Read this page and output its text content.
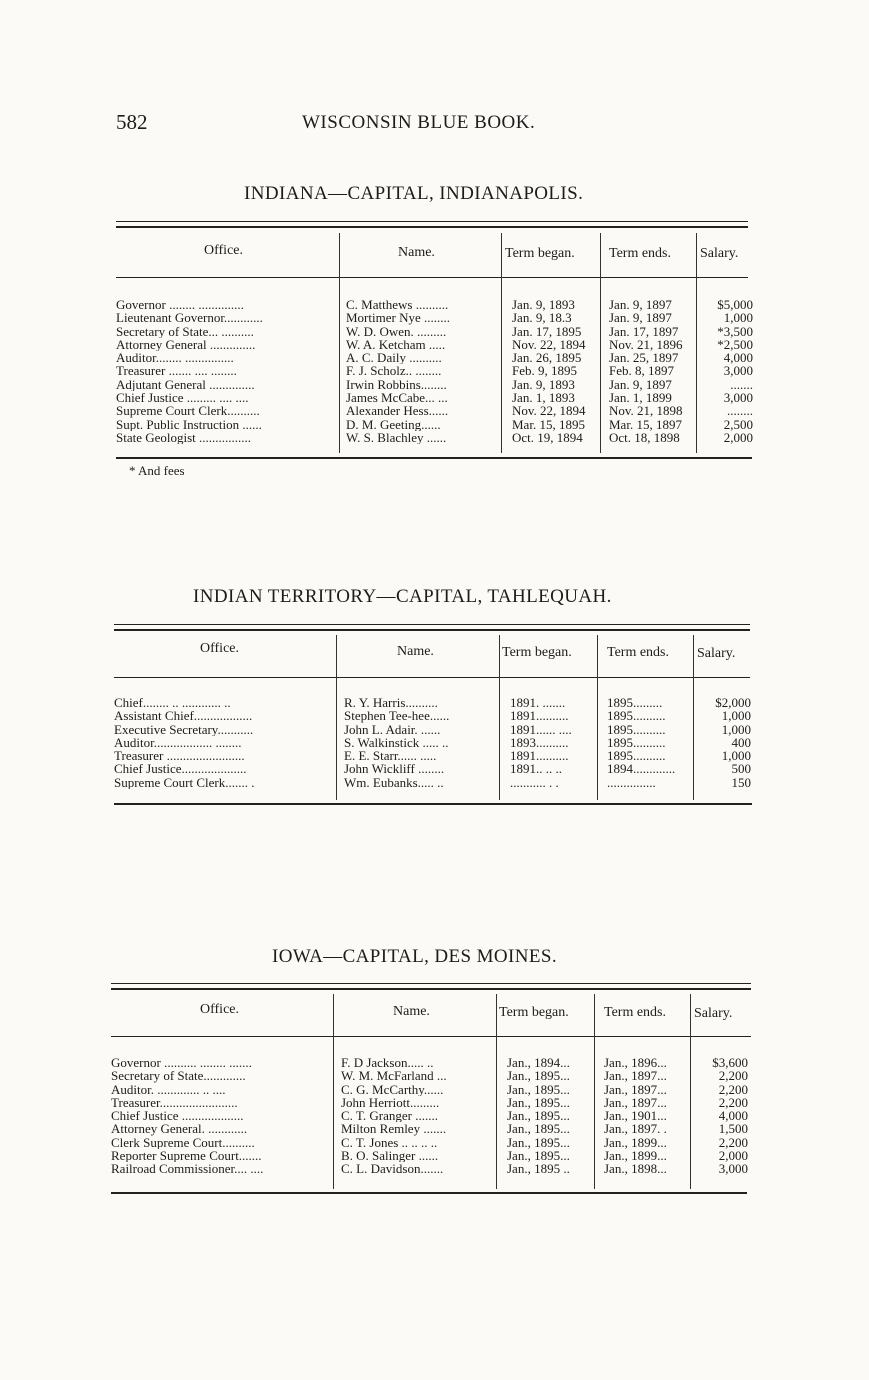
582	WISCONSIN BLUE BOOK.
INDIANA—CAPITAL, INDIANAPOLIS.
Office.	Name.	Term began. Term ends. Salary.
Governor ........ ..............	C. Matthews ..........	Jan. 9, 1893	Jan. 9, 1897	$5,000
Lieutenant Governor............	Mortimer Nye ........	Jan. 9, 18.3	Jan. 9, 1897	1,000
Secretary of State... ..........	W. D. Owen. .........	Jan. 17, 1895	Jan. 17, 1897	*3,500
Attorney General ..............	W. A. Ketcham .....	Nov. 22, 1894	Nov. 21, 1896	*2,500
Auditor........ ...............	A. C. Daily ..........	Jan. 26, 1895	Jan. 25, 1897	4,000
Treasurer ....... .... ........	F. J. Scholz.. ........	Feb. 9, 1895	Feb. 8, 1897	3,000
Adjutant General ..............	Irwin Robbins........	Jan. 9, 1893	Jan. 9, 1897	.......
Chief Justice ......... .... ....	James McCabe... ...	Jan. 1, 1893	Jan. 1, 1899	3,000
Supreme Court Clerk..........	Alexander Hess......	Nov. 22, 1894	Nov. 21, 1898	........
Supt. Public Instruction ......	D. M. Geeting......	Mar. 15, 1895	Mar. 15, 1897	2,500
State Geologist ................	W. S. Blachley ......	Oct. 19, 1894	Oct. 18, 1898	2,000
* And fees
INDIAN TERRITORY—CAPITAL, TAHLEQUAH.
Office.	Name.	Term began.	Term ends. Salary.
Chief........ .. ............ ..	R. Y. Harris..........	1891. .......	1895.........	$2,000
Assistant Chief..................	Stephen Tee-hee......	1891..........	1895..........	1,000
Executive Secretary...........	John L. Adair. ......	1891...... ....	1895..........	1,000
Auditor.................. ........	S. Walkinstick ..... ..	1893..........	1895..........	400
Treasurer ........................	E. E. Starr...... .....	1891..........	1895..........	1,000
Chief Justice....................	John Wickliff ........	1891.. .. ..	1894.............	500
Supreme Court Clerk....... .	Wm. Eubanks..... ..	........... . .	...............	150
IOWA—CAPITAL, DES MOINES.
Office.	Name.	Term began.	Term ends. Salary.
Governor .......... ........ .......	F. D Jackson..... ..	Jan., 1894...	Jan., 1896...	$3,600
Secretary of State.............	W. M. McFarland ...	Jan., 1895...	Jan., 1897...	2,200
Auditor. ............. .. ....	C. G. McCarthy......	Jan., 1895...	Jan., 1897...	2,200
Treasurer........................	John Herriott.........	Jan., 1895...	Jan., 1897...	2,200
Chief Justice ...................	C. T. Granger .......	Jan., 1895...	Jan., 1901...	4,000
Attorney General. ............	Milton Remley .......	Jan., 1895...	Jan., 1897. .	1,500
Clerk Supreme Court..........	C. T. Jones .. .. .. ..	Jan., 1895...	Jan., 1899...	2,200
Reporter Supreme Court.......	B. O. Salinger ......	Jan., 1895...	Jan., 1899...	2,000
Railroad Commissioner.... ....	C. L. Davidson.......	Jan., 1895 ..	Jan., 1898...	3,000
